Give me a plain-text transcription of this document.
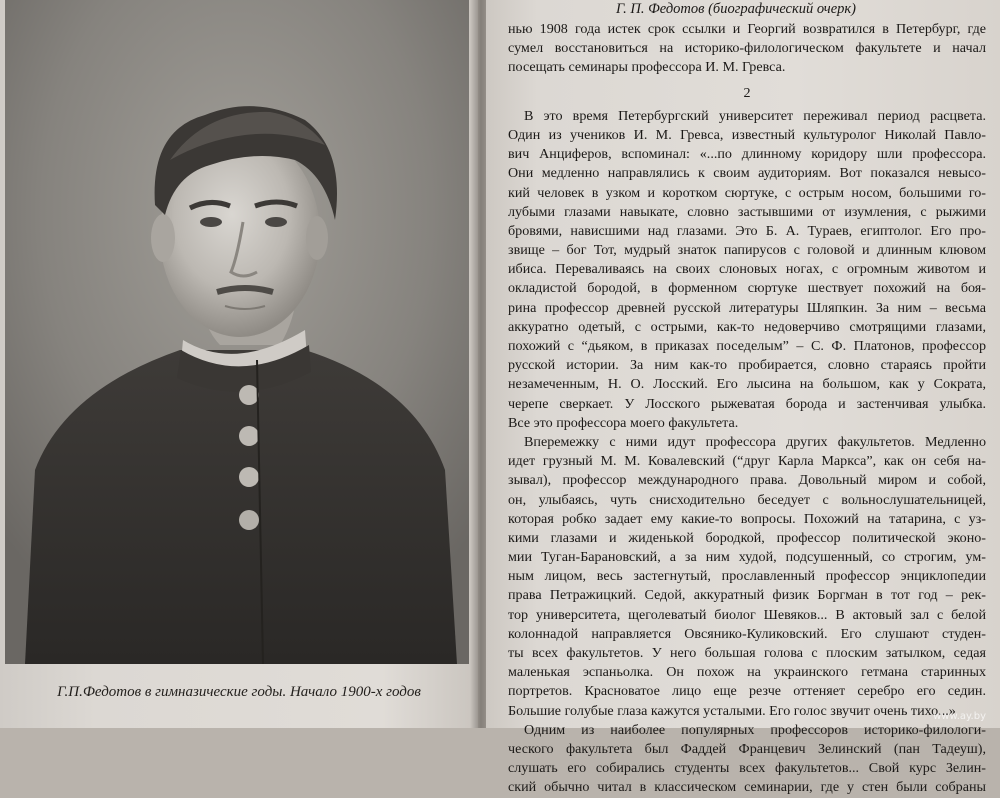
Г.П.Федотов в гимназические годы. Начало 1900-х годов
Г. П. Федотов (биографический очерк)
нью 1908 года истек срок ссылки и Георгий возвратился в Петербург, где
сумел восстановиться на историко-филологическом факультете и начал
посещать семинары профессора И. М. Гревса.
2
В это время Петербургский университет переживал период расцвета.
Один из учеников И. М. Гревса, известный культуролог Николай Павло-
вич Анциферов, вспоминал: «...по длинному коридору шли профессора.
Они медленно направлялись к своим аудиториям. Вот показался невысо-
кий человек в узком и коротком сюртуке, с острым носом, большими го-
лубыми глазами навыкате, словно застывшими от изумления, с рыжими
бровями, нависшими над глазами. Это Б. А. Тураев, египтолог. Его про-
звище – бог Тот, мудрый знаток папирусов с головой и длинным клювом
ибиса. Переваливаясь на своих слоновых ногах, с огромным животом и
окладистой бородой, в форменном сюртуке шествует похожий на боя-
рина профессор древней русской литературы Шляпкин. За ним – весьма
аккуратно одетый, с острыми, как-то недоверчиво смотрящими глазами,
похожий с “дьяком, в приказах поседелым” – С. Ф. Платонов, профессор
русской истории. За ним как-то пробирается, словно стараясь пройти
незамеченным, Н. О. Лосский. Его лысина на большом, как у Сократа,
черепе сверкает. У Лосского рыжеватая борода и застенчивая улыбка.
Все это профессора моего факультета.
Вперемежку с ними идут профессора других факультетов. Медленно
идет грузный М. М. Ковалевский (“друг Карла Маркса”, как он себя на-
зывал), профессор международного права. Довольный миром и собой,
он, улыбаясь, чуть снисходительно беседует с вольнослушательницей,
которая робко задает ему какие-то вопросы. Похожий на татарина, с уз-
кими глазами и жиденькой бородкой, профессор политической эконо-
мии Туган-Барановский, а за ним худой, подсушенный, со строгим, ум-
ным лицом, весь застегнутый, прославленный профессор энциклопедии
права Петражицкий. Седой, аккуратный физик Боргман в тот год – рек-
тор университета, щеголеватый биолог Шевяков... В актовый зал с белой
колоннадой направляется Овсянико-Куликовский. Его слушают студен-
ты всех факультетов. У него большая голова с плоским затылком, седая
маленькая эспаньолка. Он похож на украинского гетмана старинных
портретов. Красноватое лицо еще резче оттеняет серебро его седин.
Большие голубые глаза кажутся усталыми. Его голос звучит очень тихо...»
Одним из наиболее популярных профессоров историко-филологи-
ческого факультета был Фаддей Францевич Зелинский (пан Тадеуш),
слушать его собирались студенты всех факультетов... Свой курс Зелин-
ский обычно читал в классическом семинарии, где у стен были собраны
www.ay.by
